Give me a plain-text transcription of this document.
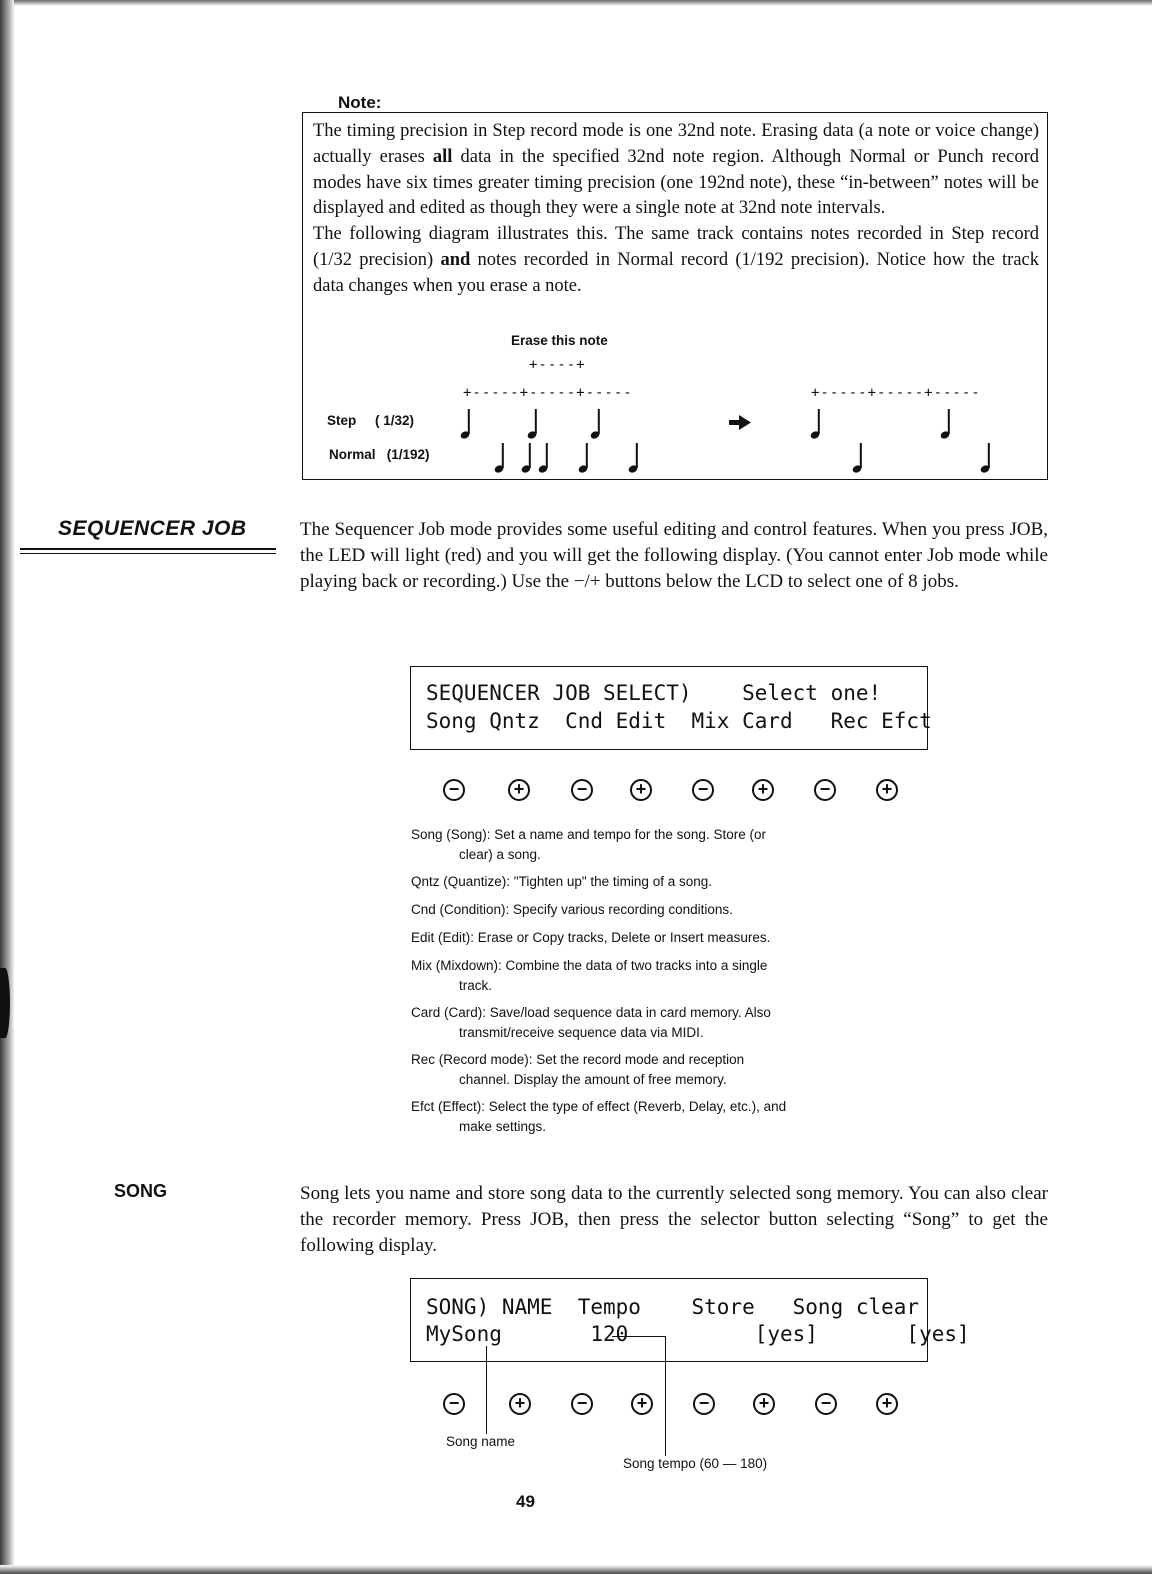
Note:

The timing precision in Step record mode is one 32nd note. Erasing data (a note or voice change) actually erases all data in the specified 32nd note region. Although Normal or Punch record modes have six times greater timing precision (one 192nd note), these “in-between” notes will be displayed and edited as though they were a single note at 32nd note intervals.

The following diagram illustrates this. The same track contains notes recorded in Step record (1/32 precision) and notes recorded in Normal record (1/192 precision). Notice how the track data changes when you erase a note.

Erase this note
+----+
+-----+-----+-----	+-----+-----+-----
Step     ( 1/32)
Normal   (1/192)
SEQUENCER JOB	The Sequencer Job mode provides some useful editing and control features. When you press JOB, the LED will light (red) and you will get the following display. (You cannot enter Job mode while playing back or recording.) Use the −/+ buttons below the LCD to select one of 8 jobs.
SEQUENCER JOB SELECT)    Select one!
Song Qntz  Cnd Edit  Mix Card   Rec Efct
−	+	−	+	−	+	−	+
Song (Song): Set a name and tempo for the song. Store (or
clear) a song.
Qntz (Quantize): "Tighten up" the timing of a song.
Cnd (Condition): Specify various recording conditions.
Edit (Edit): Erase or Copy tracks, Delete or Insert measures.
Mix (Mixdown): Combine the data of two tracks into a single
track.
Card (Card): Save/load sequence data in card memory. Also
transmit/receive sequence data via MIDI.
Rec (Record mode): Set the record mode and reception
channel. Display the amount of free memory.
Efct (Effect): Select the type of effect (Reverb, Delay, etc.), and
make settings.
SONG	Song lets you name and store song data to the currently selected song memory. You can also clear the recorder memory. Press JOB, then press the selector button selecting “Song” to get the following display.
SONG) NAME  Tempo    Store   Song clear
MySong       120          [yes]       [yes]
−	+	−	+	−	+	−	+
Song name
Song tempo (60 — 180)
49
